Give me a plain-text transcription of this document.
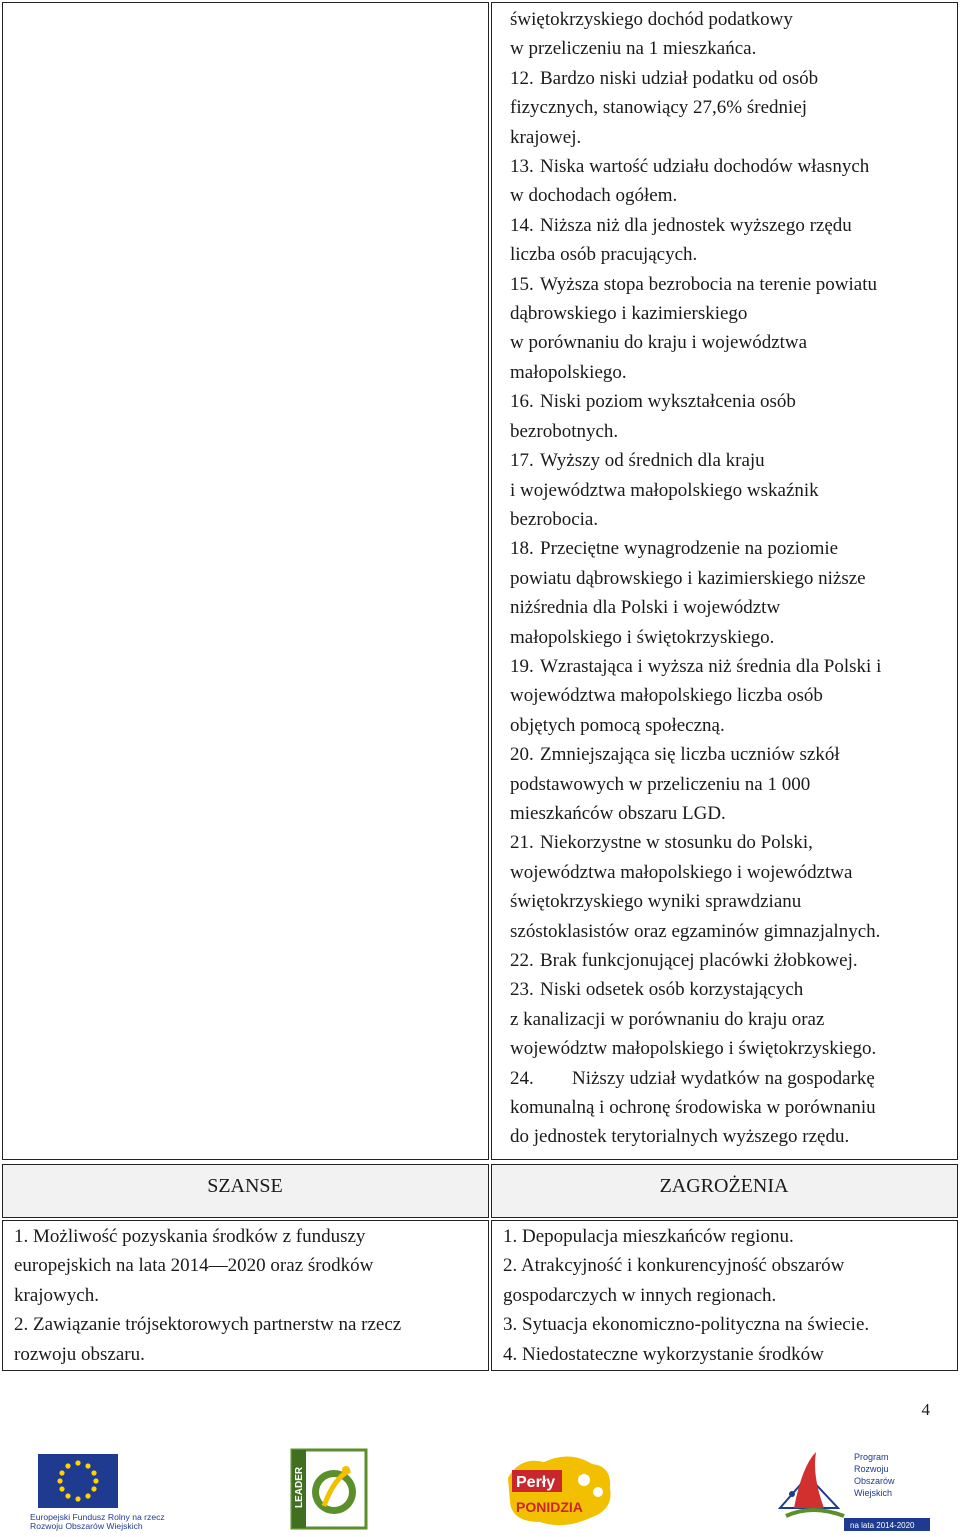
świętokrzyskiego dochód podatkowy
w przeliczeniu na 1 mieszkańca.
12. Bardzo niski udział podatku od osób
fizycznych, stanowiący 27,6% średniej
krajowej.
13. Niska wartość udziału dochodów własnych
w dochodach ogółem.
14. Niższa niż dla jednostek wyższego rzędu
liczba osób pracujących.
15. Wyższa stopa bezrobocia na terenie powiatu
dąbrowskiego i kazimierskiego
w porównaniu do kraju i województwa
małopolskiego.
16. Niski poziom wykształcenia osób
bezrobotnych.
17. Wyższy od średnich dla kraju
i województwa małopolskiego wskaźnik
bezrobocia.
18. Przeciętne wynagrodzenie na poziomie
powiatu dąbrowskiego i kazimierskiego niższe
niżśrednia dla Polski i województw
małopolskiego i świętokrzyskiego.
19. Wzrastająca i wyższa niż średnia dla Polski i
województwa małopolskiego liczba osób
objętych pomocą społeczną.
20. Zmniejszająca się liczba uczniów szkół
podstawowych w przeliczeniu na 1 000
mieszkańców obszaru LGD.
21. Niekorzystne w stosunku do Polski,
województwa małopolskiego i województwa
świętokrzyskiego wyniki sprawdzianu
szóstoklasistów oraz egzaminów gimnazjalnych.
22. Brak funkcjonującej placówki żłobkowej.
23. Niski odsetek osób korzystających
z kanalizacji w porównaniu do kraju oraz
województw małopolskiego i świętokrzyskiego.
24. Niższy udział wydatków na gospodarkę
komunalną i ochronę środowiska w porównaniu
do jednostek terytorialnych wyższego rzędu.
SZANSE	ZAGROŻENIA
1. Możliwość pozyskania środków z funduszy
europejskich na lata 2014—2020 oraz środków
krajowych.
2. Zawiązanie trójsektorowych partnerstw na rzecz
rozwoju obszaru.
1. Depopulacja mieszkańców regionu.
2. Atrakcyjność i konkurencyjność obszarów
gospodarczych w innych regionach.
3. Sytuacja ekonomiczno-polityczna na świecie.
4. Niedostateczne wykorzystanie środków
4
Europejski Fundusz Rolny na rzecz
Rozwoju Obszarów Wiejskich
LEADER	Perły
PONIDZIA
Program
Rozwoju
Obszarów
Wiejskich
na lata 2014-2020
